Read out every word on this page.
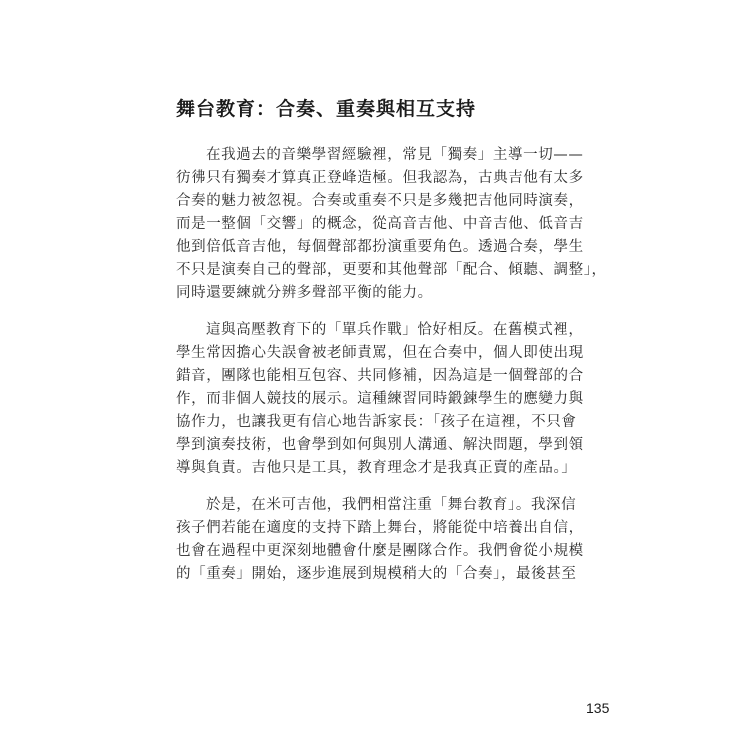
舞台教育：合奏、重奏與相互支持
在我過去的音樂學習經驗裡，常見「獨奏」主導一切——
彷彿只有獨奏才算真正登峰造極。但我認為，古典吉他有太多
合奏的魅力被忽視。合奏或重奏不只是多幾把吉他同時演奏，
而是一整個「交響」的概念，從高音吉他、中音吉他、低音吉
他到倍低音吉他，每個聲部都扮演重要角色。透過合奏，學生
不只是演奏自己的聲部，更要和其他聲部「配合、傾聽、調整」，
同時還要練就分辨多聲部平衡的能力。
這與高壓教育下的「單兵作戰」恰好相反。在舊模式裡，
學生常因擔心失誤會被老師責罵，但在合奏中，個人即使出現
錯音，團隊也能相互包容、共同修補，因為這是一個聲部的合
作，而非個人競技的展示。這種練習同時鍛鍊學生的應變力與
協作力，也讓我更有信心地告訴家長：「孩子在這裡，不只會
學到演奏技術，也會學到如何與別人溝通、解決問題，學到領
導與負責。吉他只是工具，教育理念才是我真正賣的產品。」
於是，在米可吉他，我們相當注重「舞台教育」。我深信
孩子們若能在適度的支持下踏上舞台，將能從中培養出自信，
也會在過程中更深刻地體會什麼是團隊合作。我們會從小規模
的「重奏」開始，逐步進展到規模稍大的「合奏」，最後甚至
135
